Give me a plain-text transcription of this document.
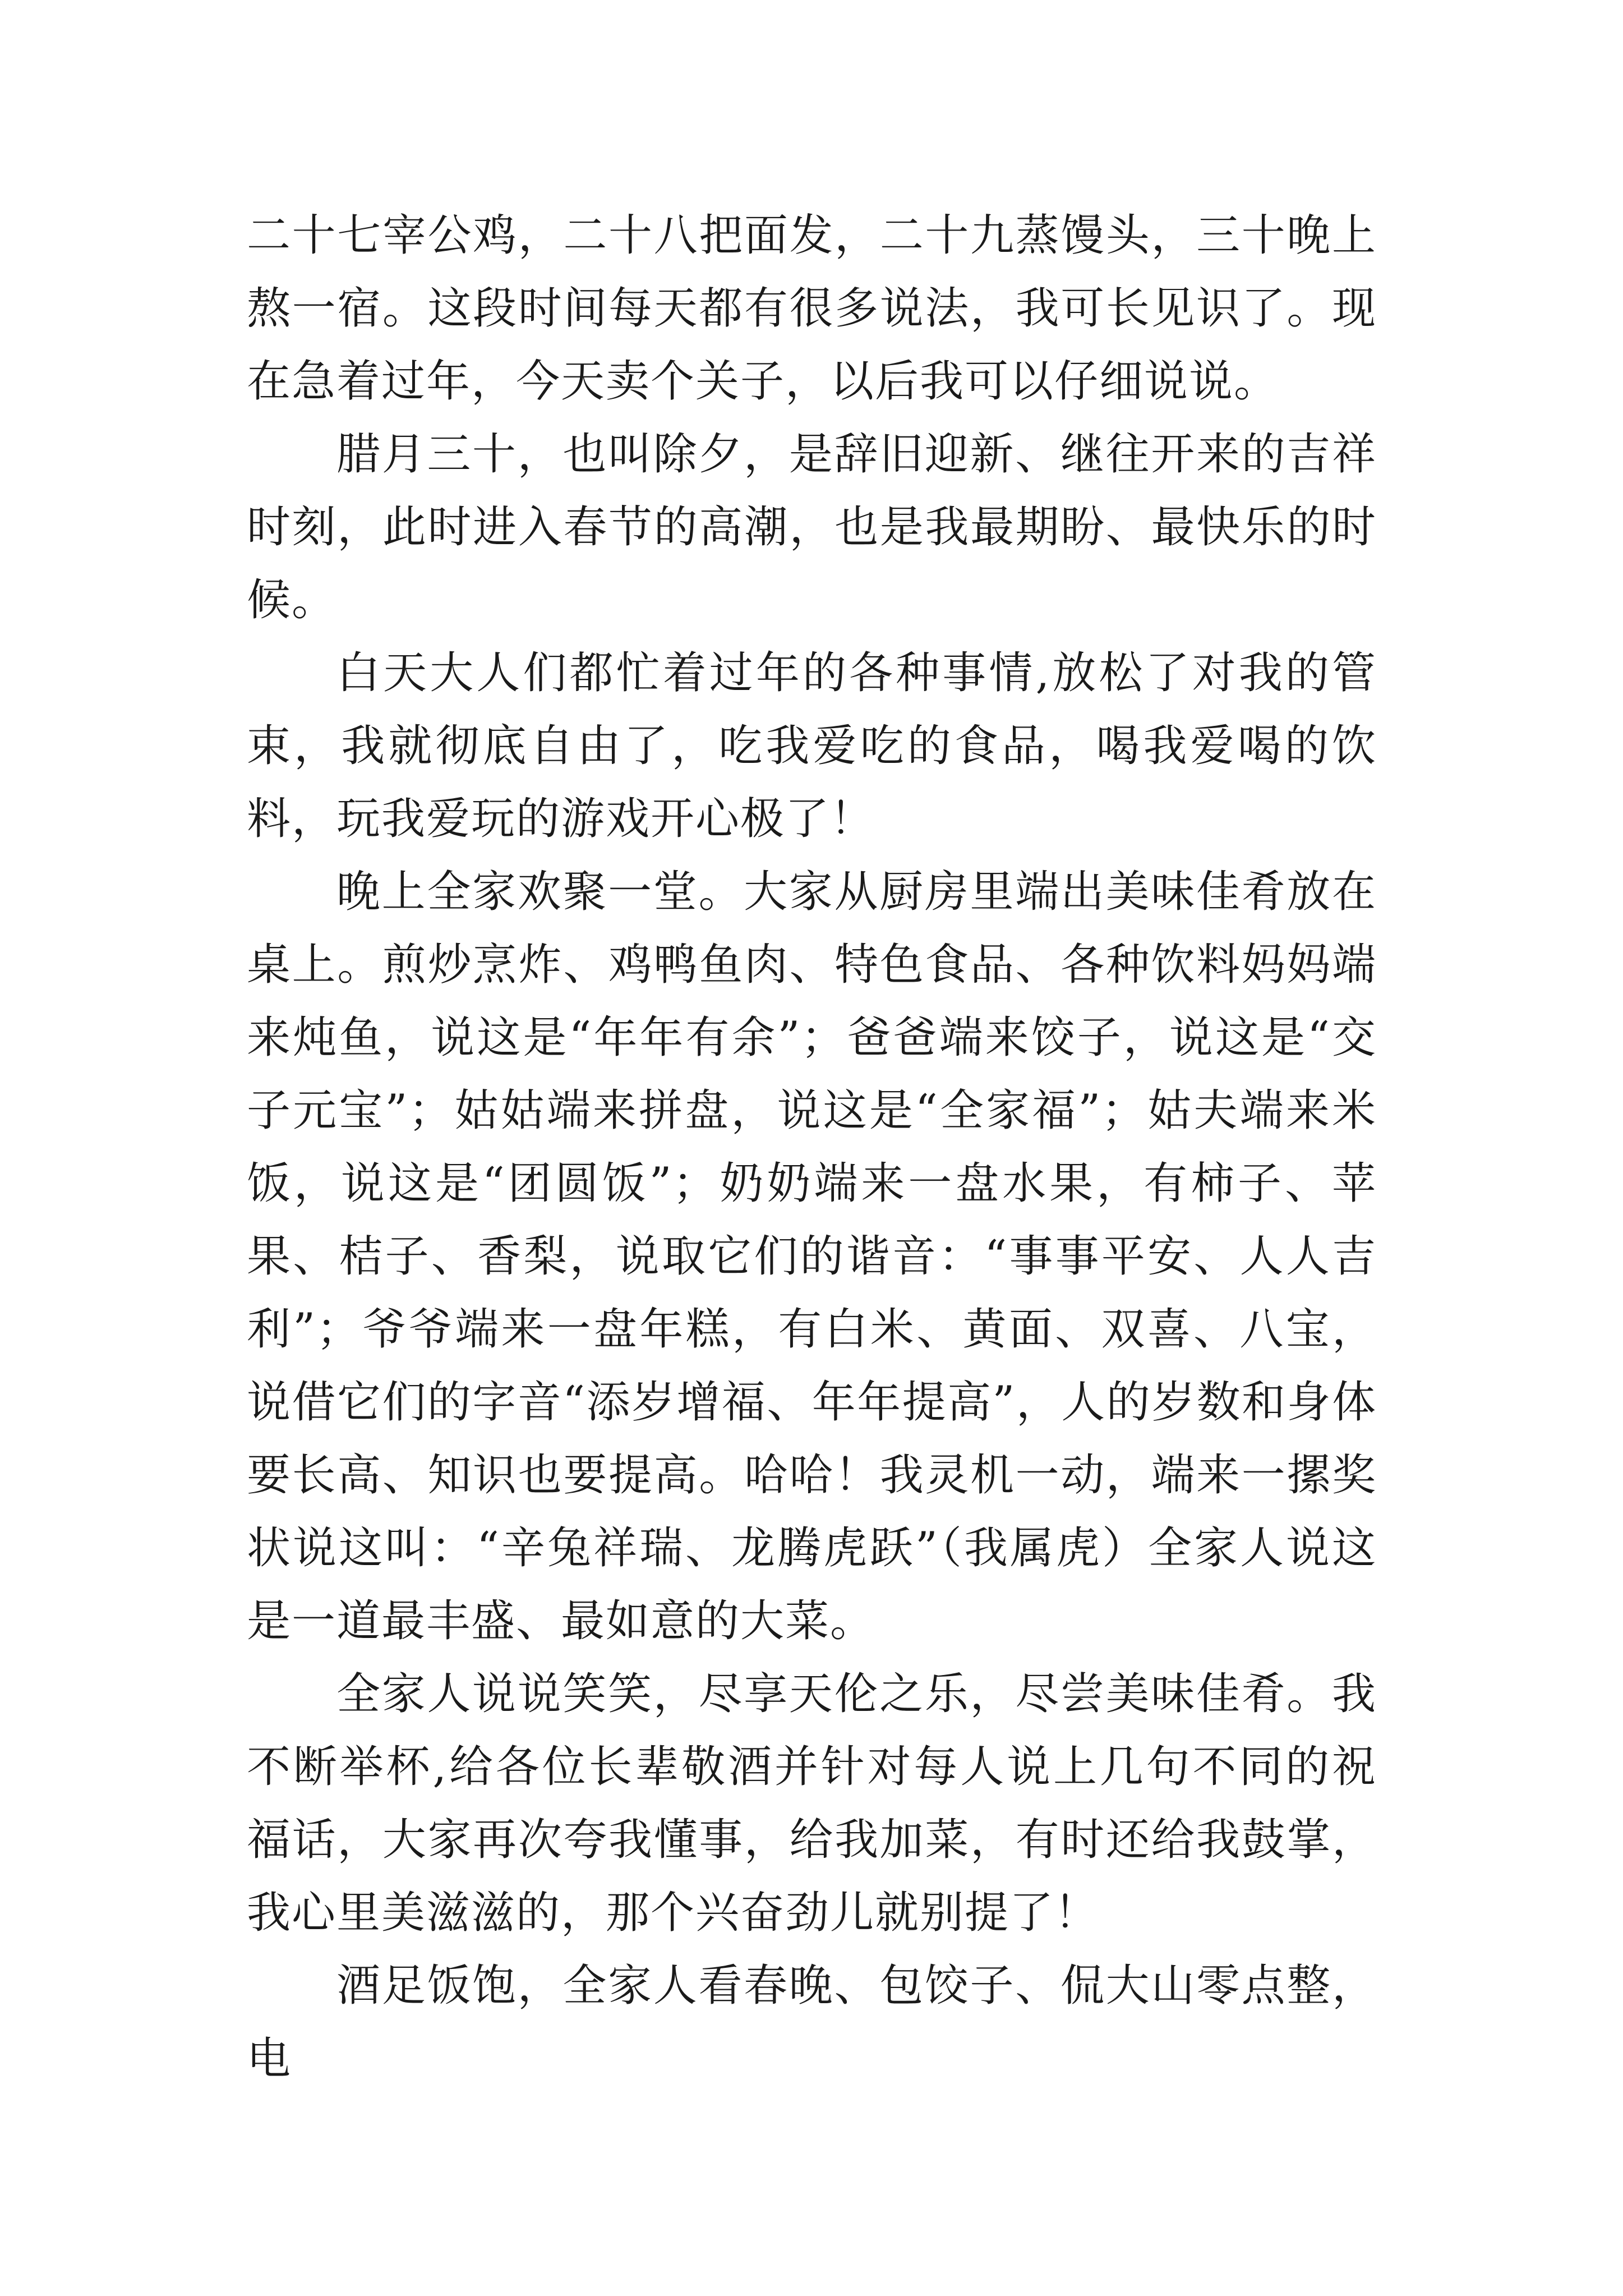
二十七宰公鸡，二十八把面发，二十九蒸馒头，三十晚上熬一宿。这段时间每天都有很多说法，我可长见识了。现在急着过年，今天卖个关子，以后我可以仔细说说。

腊月三十，也叫除夕，是辞旧迎新、继往开来的吉祥时刻，此时进入春节的高潮，也是我最期盼、最快乐的时候。

白天大人们都忙着过年的各种事情,放松了对我的管束，我就彻底自由了，吃我爱吃的食品，喝我爱喝的饮料，玩我爱玩的游戏开心极了！

晚上全家欢聚一堂。大家从厨房里端出美味佳肴放在桌上。煎炒烹炸、鸡鸭鱼肉、特色食品、各种饮料妈妈端来炖鱼，说这是“年年有余”；爸爸端来饺子，说这是“交子元宝”；姑姑端来拼盘，说这是“全家福”；姑夫端来米饭，说这是“团圆饭”；奶奶端来一盘水果，有柿子、苹果、桔子、香梨，说取它们的谐音：“事事平安、人人吉利”；爷爷端来一盘年糕，有白米、黄面、双喜、八宝，说借它们的字音“添岁增福、年年提高”，人的岁数和身体要长高、知识也要提高。哈哈！我灵机一动，端来一摞奖状说这叫：“辛兔祥瑞、龙腾虎跃”（我属虎）全家人说这是一道最丰盛、最如意的大菜。

全家人说说笑笑，尽享天伦之乐，尽尝美味佳肴。我不断举杯,给各位长辈敬酒并针对每人说上几句不同的祝福话，大家再次夸我懂事，给我加菜，有时还给我鼓掌，我心里美滋滋的，那个兴奋劲儿就别提了！

酒足饭饱，全家人看春晚、包饺子、侃大山零点整，电
